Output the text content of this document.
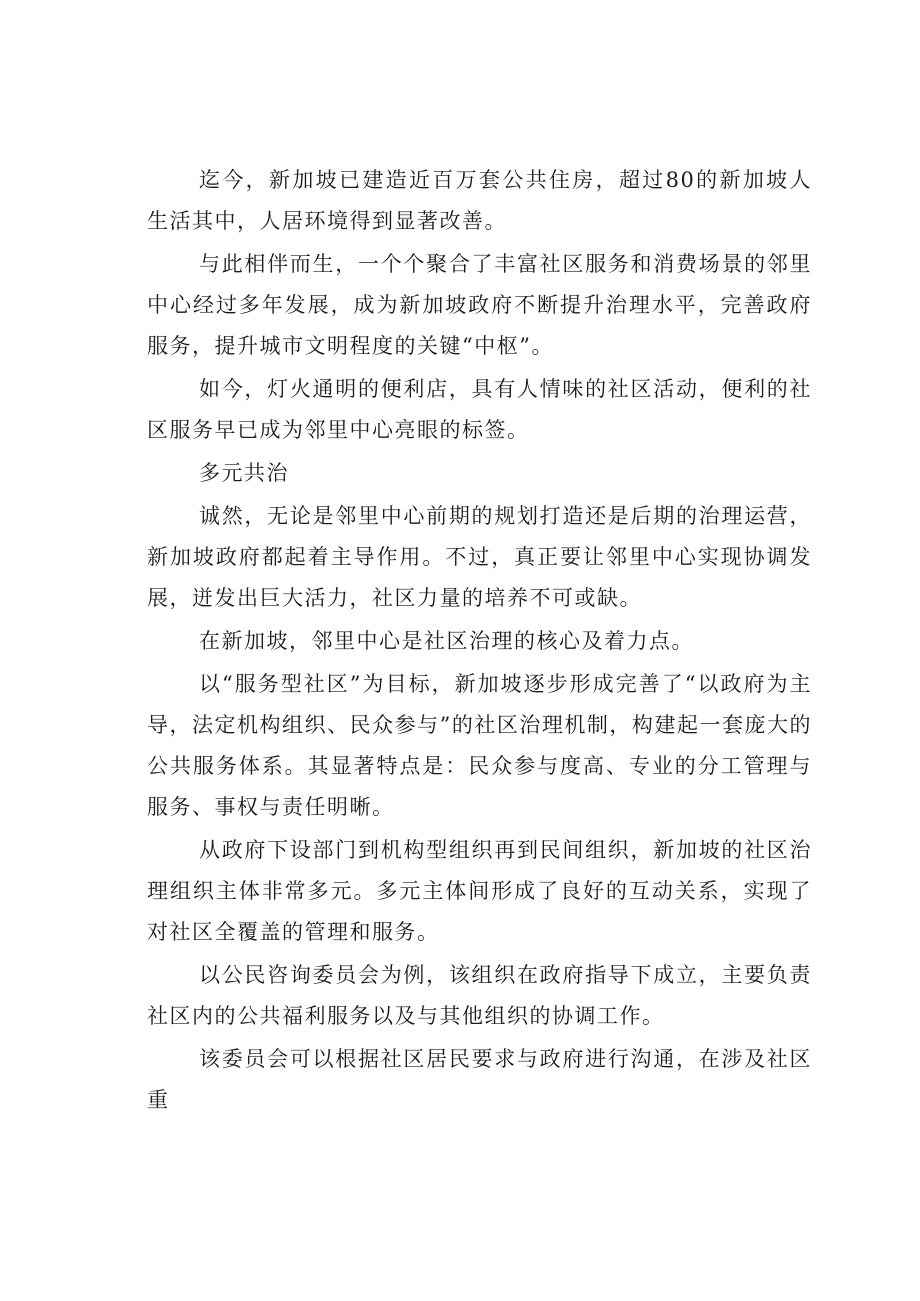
迄今，新加坡已建造近百万套公共住房，超过80的新加坡人生活其中，人居环境得到显著改善。

与此相伴而生，一个个聚合了丰富社区服务和消费场景的邻里中心经过多年发展，成为新加坡政府不断提升治理水平，完善政府服务，提升城市文明程度的关键“中枢”。

如今，灯火通明的便利店，具有人情味的社区活动，便利的社区服务早已成为邻里中心亮眼的标签。

多元共治

诚然，无论是邻里中心前期的规划打造还是后期的治理运营，新加坡政府都起着主导作用。不过，真正要让邻里中心实现协调发展，迸发出巨大活力，社区力量的培养不可或缺。

在新加坡，邻里中心是社区治理的核心及着力点。

以“服务型社区”为目标，新加坡逐步形成完善了“以政府为主导，法定机构组织、民众参与”的社区治理机制，构建起一套庞大的公共服务体系。其显著特点是：民众参与度高、专业的分工管理与服务、事权与责任明晰。

从政府下设部门到机构型组织再到民间组织，新加坡的社区治理组织主体非常多元。多元主体间形成了良好的互动关系，实现了对社区全覆盖的管理和服务。

以公民咨询委员会为例，该组织在政府指导下成立，主要负责社区内的公共福利服务以及与其他组织的协调工作。

该委员会可以根据社区居民要求与政府进行沟通，在涉及社区重
